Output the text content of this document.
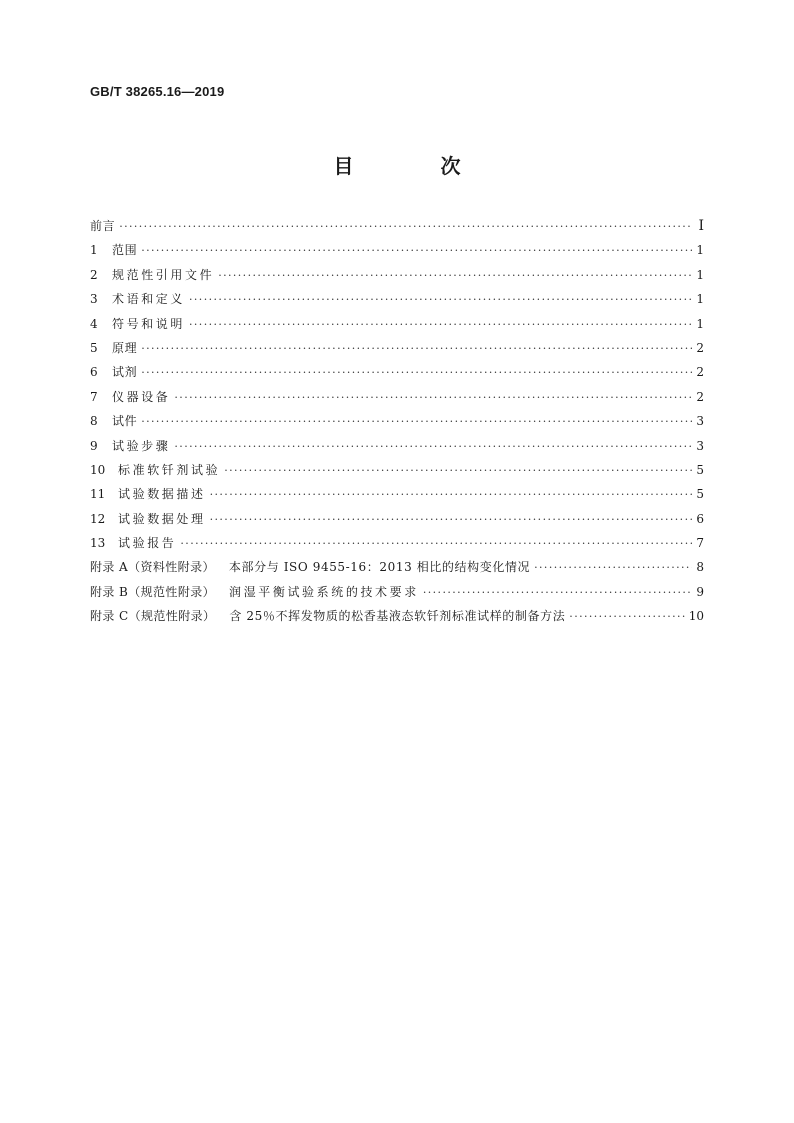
GB/T 38265.16—2019
目 次
前言 ·····	Ⅰ
1	范围 ·····	1
2	规范性引用文件 ·····	1
3	术语和定义 ·····	1
4	符号和说明 ·····	1
5	原理 ·····	2
6	试剂 ·····	2
7	仪器设备 ·····	2
8	试件 ·····	3
9	试验步骤 ·····	3
10	标准软钎剂试验 ·····	5
11	试验数据描述 ·····	5
12	试验数据处理 ·····	6
13	试验报告 ·····	7
附录 A（资料性附录） 本部分与 ISO 9455-16：2013 相比的结构变化情况 ·····	8
附录 B（规范性附录） 润湿平衡试验系统的技术要求 ·····	9
附录 C（规范性附录） 含 25％不挥发物质的松香基液态软钎剂标准试样的制备方法 ·····	10
